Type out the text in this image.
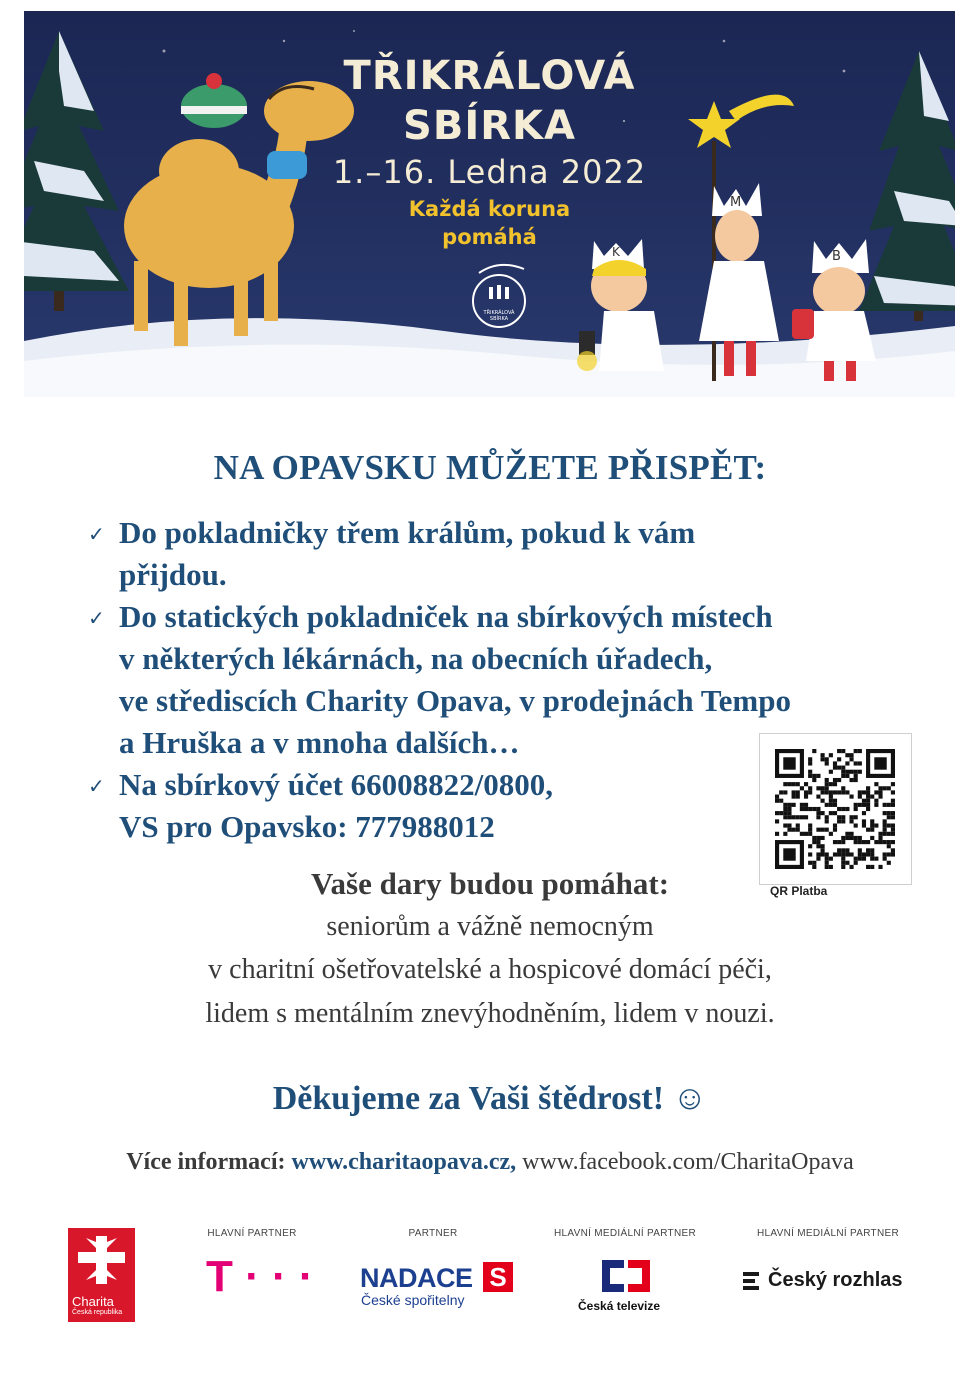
TŘIKRÁLOVÁ
SBÍRKA
1.–16. Ledna 2022
Každá koruna
pomáhá
TŘIKRÁLOVÁ SBÍRKA
K
M
B
NA OPAVSKU MŮŽETE PŘISPĚT:
✓ Do pokladničky třem králům, pokud k vám
přijdou.
✓ Do statických pokladniček na sbírkových místech
v některých lékárnách, na obecních úřadech,
ve střediscích Charity Opava, v prodejnách Tempo
a Hruška a v mnoha dalších…
✓ Na sbírkový účet 66008822/0800,
VS pro Opavsko: 777988012
QR Platba
Vaše dary budou pomáhat:
seniorům a vážně nemocným
v charitní ošetřovatelské a hospicové domácí péči,
lidem s mentálním znevýhodněním, lidem v nouzi.
Děkujeme za Vaši štědrost! ☺
Více informací: www.charitaopava.cz, www.facebook.com/CharitaOpava
Charita
Česká republika
HLAVNÍ PARTNER
T · · ·
PARTNER
NADACE S
České spořitelny
HLAVNÍ MEDIÁLNÍ PARTNER
Česká televize
HLAVNÍ MEDIÁLNÍ PARTNER
Český rozhlas
